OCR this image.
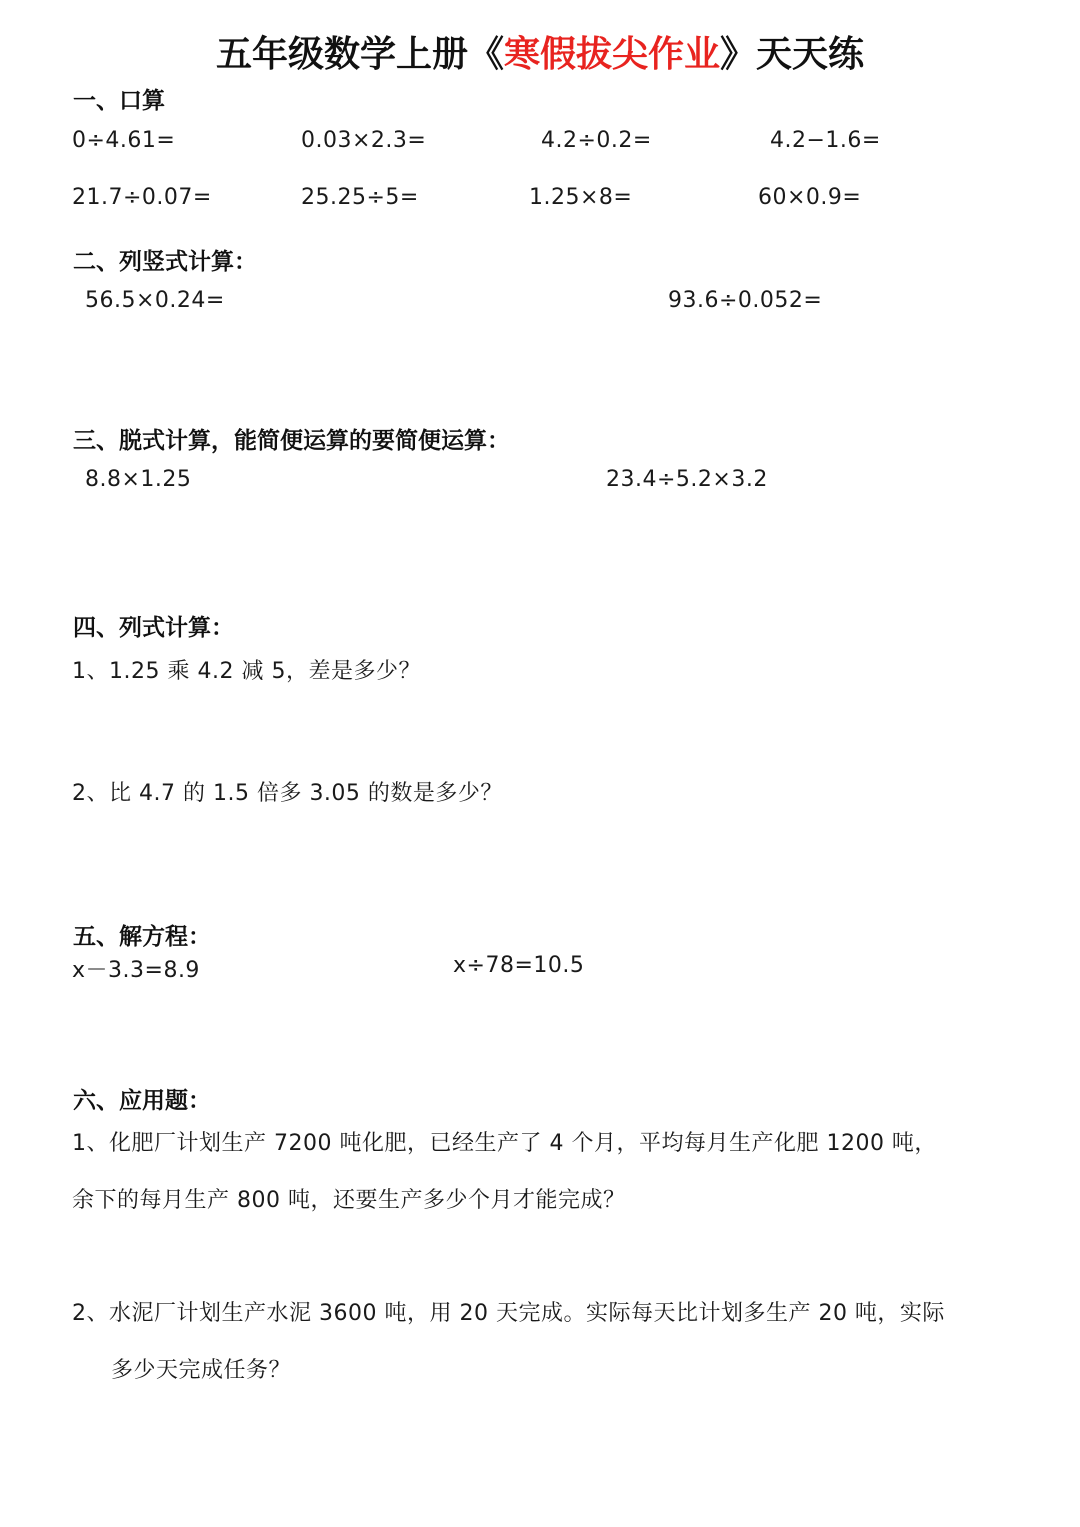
五年级数学上册《寒假拔尖作业》天天练
一、口算
0÷4.61=	0.03×2.3=	4.2÷0.2=	4.2−1.6=
21.7÷0.07=	25.25÷5=	1.25×8=	60×0.9=
二、列竖式计算：
56.5×0.24=	93.6÷0.052=
三、脱式计算，能简便运算的要简便运算：
8.8×1.25	23.4÷5.2×3.2
四、列式计算：
1、1.25 乘 4.2 减 5，差是多少？
2、比 4.7 的 1.5 倍多 3.05 的数是多少？
五、解方程：
x－3.3=8.9	x÷78=10.5
六、应用题：
1、化肥厂计划生产 7200 吨化肥，已经生产了 4 个月，平均每月生产化肥 1200 吨，
余下的每月生产 800 吨，还要生产多少个月才能完成？
2、水泥厂计划生产水泥 3600 吨，用 20 天完成。实际每天比计划多生产 20 吨，实际
多少天完成任务？
